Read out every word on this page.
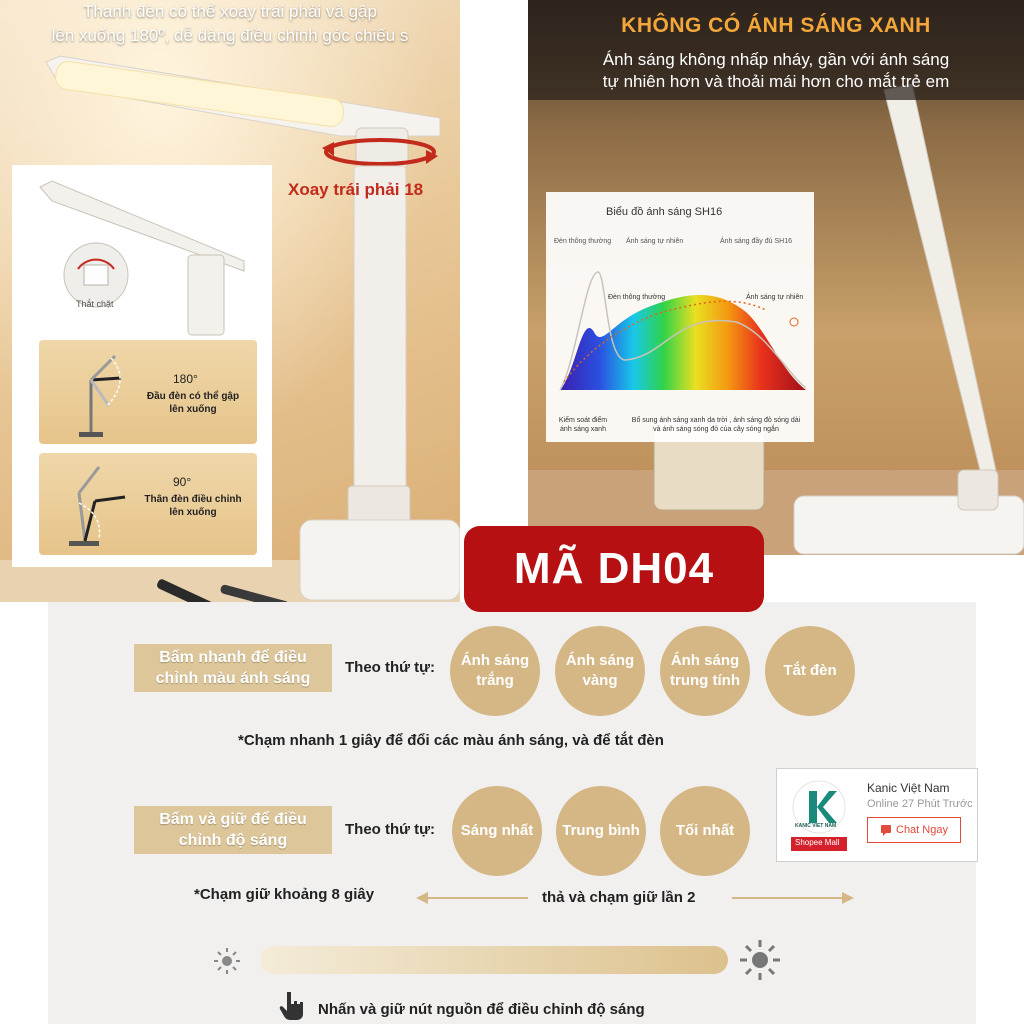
Thanh đèn có thể xoay trái phải và gập
lên xuống 180º, dễ dàng điều chỉnh góc chiếu s
Xoay trái phải 18
Thắt chặt
180°
Đầu đèn có thể gập
lên xuống
90°
Thân đèn điều chỉnh
lên xuống
KHÔNG CÓ ÁNH SÁNG XANH
Ánh sáng không nhấp nháy, gần với ánh sáng
tự nhiên hơn và thoải mái hơn cho mắt trẻ em
Biểu đồ ánh sáng SH16
Đèn thông thường Ánh sáng tự nhiên	Ánh sáng đầy đủ SH16
Đèn thông thường	Ánh sáng tự nhiên
Kiểm soát điểm
ánh sáng xanh
Bổ sung ánh sáng xanh da trời , ánh sáng đỏ sóng dài
và ánh sáng sóng đỏ của cây sóng ngắn
Bấm nhanh để điều
chỉnh màu ánh sáng
Theo thứ tự: Ánh sáng
trắng
Ánh sáng
vàng
Ánh sáng
trung tính
Tắt đèn
*Chạm nhanh 1 giây để đổi các màu ánh sáng, và để tắt đèn
Bấm và giữ để điều
chỉnh độ sáng
Theo thứ tự: Sáng nhất Trung bình Tối nhất
*Chạm giữ khoảng 8 giây	thả và chạm giữ lần 2
Nhấn và giữ nút nguồn để điều chỉnh độ sáng
MÃ DH04
KANIC VIET NAM
Shopee Mall
Kanic Việt Nam
Online 27 Phút Trước
Chat Ngay
